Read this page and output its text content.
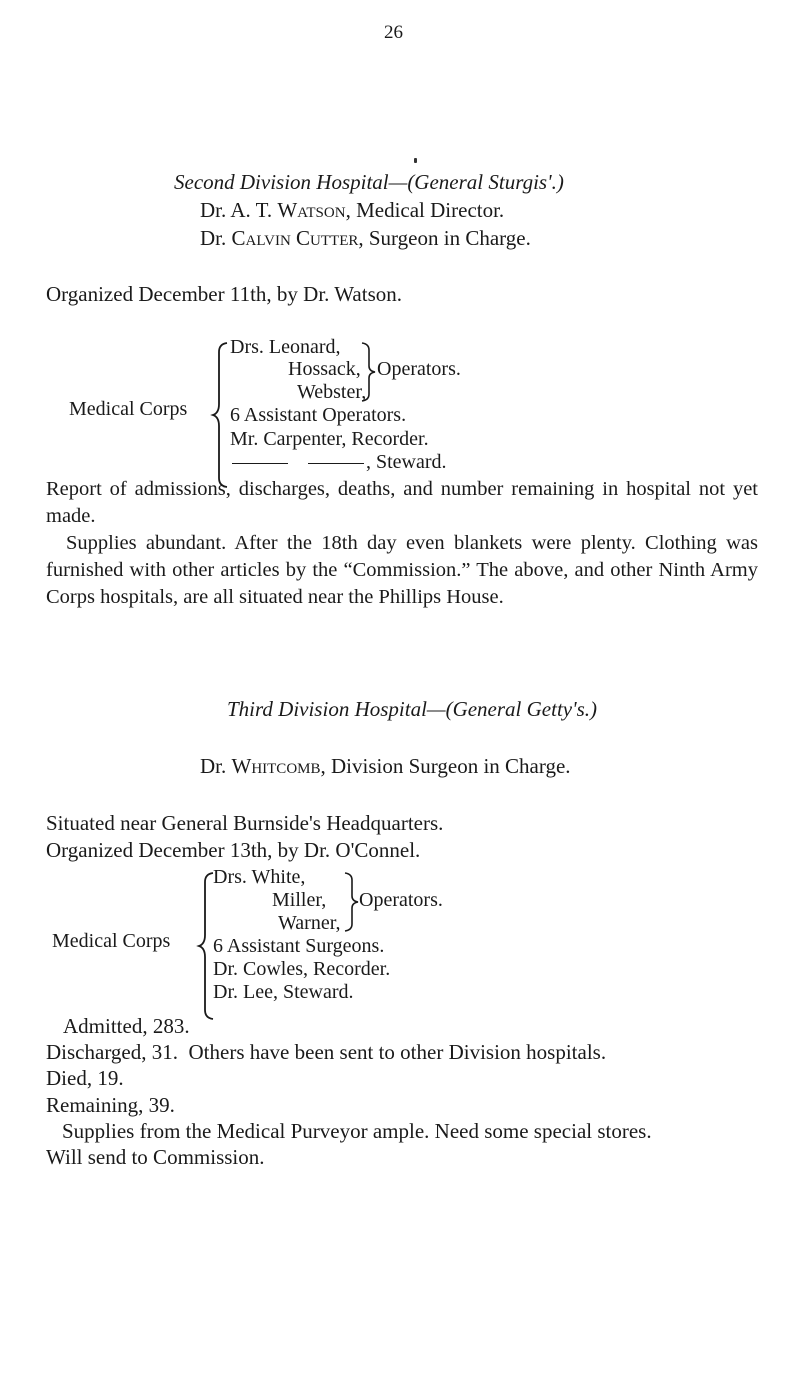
26
Second Division Hospital—(General Sturgis'.)
Dr. A. T. Watson, Medical Director.
Dr. Calvin Cutter, Surgeon in Charge.
Organized December 11th, by Dr. Watson.
Medical Corps
Drs. Leonard,
Hossack,
Webster,
Operators.
6 Assistant Operators.
Mr. Carpenter, Recorder.
, Steward.

Report of admissions, discharges, deaths, and number remaining in hospital not yet made.

Supplies abundant. After the 18th day even blankets were plenty. Clothing was furnished with other articles by the “Commission.” The above, and other Ninth Army Corps hospitals, are all situated near the Phillips House.

Third Division Hospital—(General Getty's.)
Dr. Whitcomb, Division Surgeon in Charge.
Situated near General Burnside's Headquarters.
Organized December 13th, by Dr. O'Connel.
Medical Corps
Drs. White,
Miller,
Warner,
Operators.
6 Assistant Surgeons.
Dr. Cowles, Recorder.
Dr. Lee, Steward.
Admitted, 283.
Discharged, 31. Others have been sent to other Division hospitals.
Died, 19.
Remaining, 39.
Supplies from the Medical Purveyor ample. Need some special stores.
Will send to Commission.
